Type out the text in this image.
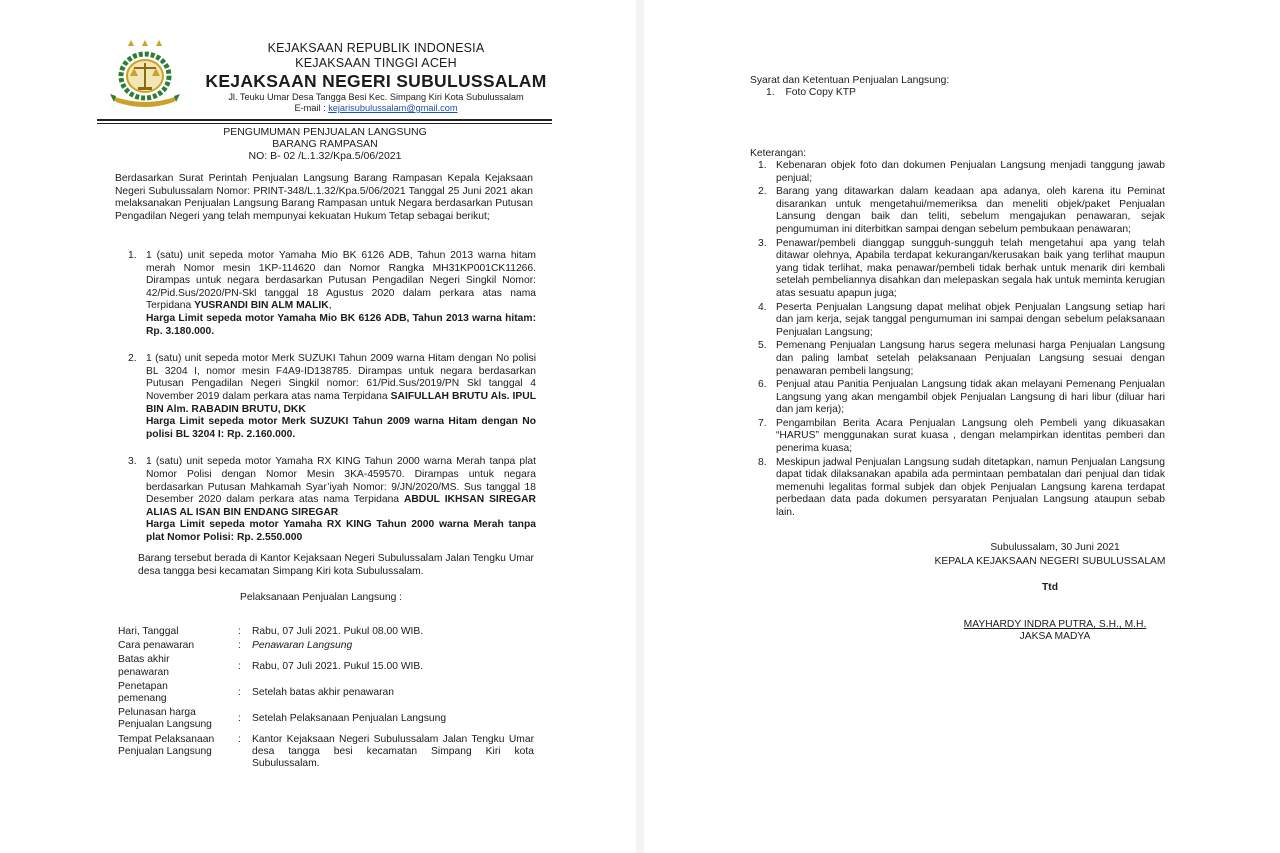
KEJAKSAAN REPUBLIK INDONESIA
KEJAKSAAN TINGGI ACEH
KEJAKSAAN NEGERI SUBULUSSALAM
Jl. Teuku Umar Desa Tangga Besi Kec. Simpang Kiri Kota Subulussalam
E-mail : kejarisubulussalam@gmail.com
PENGUMUMAN PENJUALAN LANGSUNG
BARANG RAMPASAN
NO: B- 02 /L.1.32/Kpa.5/06/2021
Berdasarkan Surat Perintah Penjualan Langsung Barang Rampasan Kepala Kejaksaan Negeri Subulussalam Nomor: PRINT-348/L.1.32/Kpa.5/06/2021 Tanggal 25 Juni 2021 akan melaksanakan Penjualan Langsung Barang Rampasan untuk Negara berdasarkan Putusan Pengadilan Negeri yang telah mempunyai kekuatan Hukum Tetap sebagai berikut;
1. 1 (satu) unit sepeda motor Yamaha Mio BK 6126 ADB, Tahun 2013 warna hitam merah Nomor mesin 1KP-114620 dan Nomor Rangka MH31KP001CK11266. Dirampas untuk negara berdasarkan Putusan Pengadilan Negeri Singkil Nomor: 42/Pid.Sus/2020/PN-Skl tanggal 18 Agustus 2020 dalam perkara atas nama Terpidana YUSRANDI BIN ALM MALIK,
Harga Limit sepeda motor Yamaha Mio BK 6126 ADB, Tahun 2013 warna hitam: Rp. 3.180.000.
2. 1 (satu) unit sepeda motor Merk SUZUKI Tahun 2009 warna Hitam dengan No polisi BL 3204 I, nomor mesin F4A9-ID138785. Dirampas untuk negara berdasarkan Putusan Pengadilan Negeri Singkil nomor: 61/Pid.Sus/2019/PN Skl tanggal 4 November 2019 dalam perkara atas nama Terpidana SAIFULLAH BRUTU Als. IPUL BIN Alm. RABADIN BRUTU, DKK
Harga Limit sepeda motor Merk SUZUKI Tahun 2009 warna Hitam dengan No polisi BL 3204 I: Rp. 2.160.000.
3. 1 (satu) unit sepeda motor Yamaha RX KING Tahun 2000 warna Merah tanpa plat Nomor Polisi dengan Nomor Mesin 3KA-459570. Dirampas untuk negara berdasarkan Putusan Mahkamah Syar’iyah Nomor: 9/JN/2020/MS. Sus tanggal 18 Desember 2020 dalam perkara atas nama Terpidana ABDUL IKHSAN SIREGAR ALIAS AL ISAN BIN ENDANG SIREGAR
Harga Limit sepeda motor Yamaha RX KING Tahun 2000 warna Merah tanpa plat Nomor Polisi: Rp. 2.550.000
Barang tersebut berada di Kantor Kejaksaan Negeri Subulussalam Jalan Tengku Umar desa tangga besi kecamatan Simpang Kiri kota Subulussalam.
Pelaksanaan Penjualan Langsung :
Hari, Tanggal	:	Rabu, 07 Juli 2021. Pukul 08.00 WIB.
Cara penawaran	:	Penawaran Langsung
Batas akhir penawaran	:	Rabu, 07 Juli 2021. Pukul 15.00 WIB.
Penetapan pemenang	:	Setelah batas akhir penawaran
Pelunasan harga Penjualan Langsung	:	Setelah Pelaksanaan Penjualan Langsung
Tempat Pelaksanaan Penjualan Langsung	:	Kantor Kejaksaan Negeri Subulussalam Jalan Tengku Umar desa tangga besi kecamatan Simpang Kiri kota Subulussalam.
Syarat dan Ketentuan Penjualan Langsung:
1. Foto Copy KTP
Keterangan:
1. Kebenaran objek foto dan dokumen Penjualan Langsung menjadi tanggung jawab penjual;
2. Barang yang ditawarkan dalam keadaan apa adanya, oleh karena itu Peminat disarankan untuk mengetahui/memeriksa dan meneliti objek/paket Penjualan Lansung dengan baik dan teliti, sebelum mengajukan penawaran, sejak pengumuman ini diterbitkan sampai dengan sebelum pembukaan penawaran;
3. Penawar/pembeli dianggap sungguh-sungguh telah mengetahui apa yang telah ditawar olehnya, Apabila terdapat kekurangan/kerusakan baik yang terlihat maupun yang tidak terlihat, maka penawar/pembeli tidak berhak untuk menarik diri kembali setelah pembeliannya disahkan dan melepaskan segala hak untuk meminta kerugian atas sesuatu apapun juga;
4. Peserta Penjualan Langsung dapat melihat objek Penjualan Langsung setiap hari dan jam kerja, sejak tanggal pengumuman ini sampai dengan sebelum pelaksanaan Penjualan Langsung;
5. Pemenang Penjualan Langsung harus segera melunasi harga Penjualan Langsung dan paling lambat setelah pelaksanaan Penjualan Langsung sesuai dengan penawaran pembeli langsung;
6. Penjual atau Panitia Penjualan Langsung tidak akan melayani Pemenang Penjualan Langsung yang akan mengambil objek Penjualan Langsung di hari libur (diluar hari dan jam kerja);
7. Pengambilan Berita Acara Penjualan Langsung oleh Pembeli yang dikuasakan “HARUS” menggunakan surat kuasa , dengan melampirkan identitas pemberi dan penerima kuasa;
8. Meskipun jadwal Penjualan Langsung sudah ditetapkan, namun Penjualan Langsung dapat tidak dilaksanakan apabila ada permintaan pembatalan dari penjual dan tidak memenuhi legalitas formal subjek dan objek Penjualan Langsung karena terdapat perbedaan data pada dokumen persyaratan Penjualan Langsung ataupun sebab lain.
Subulussalam, 30 Juni 2021
KEPALA KEJAKSAAN NEGERI SUBULUSSALAM
Ttd
MAYHARDY INDRA PUTRA, S.H., M.H.
JAKSA MADYA
